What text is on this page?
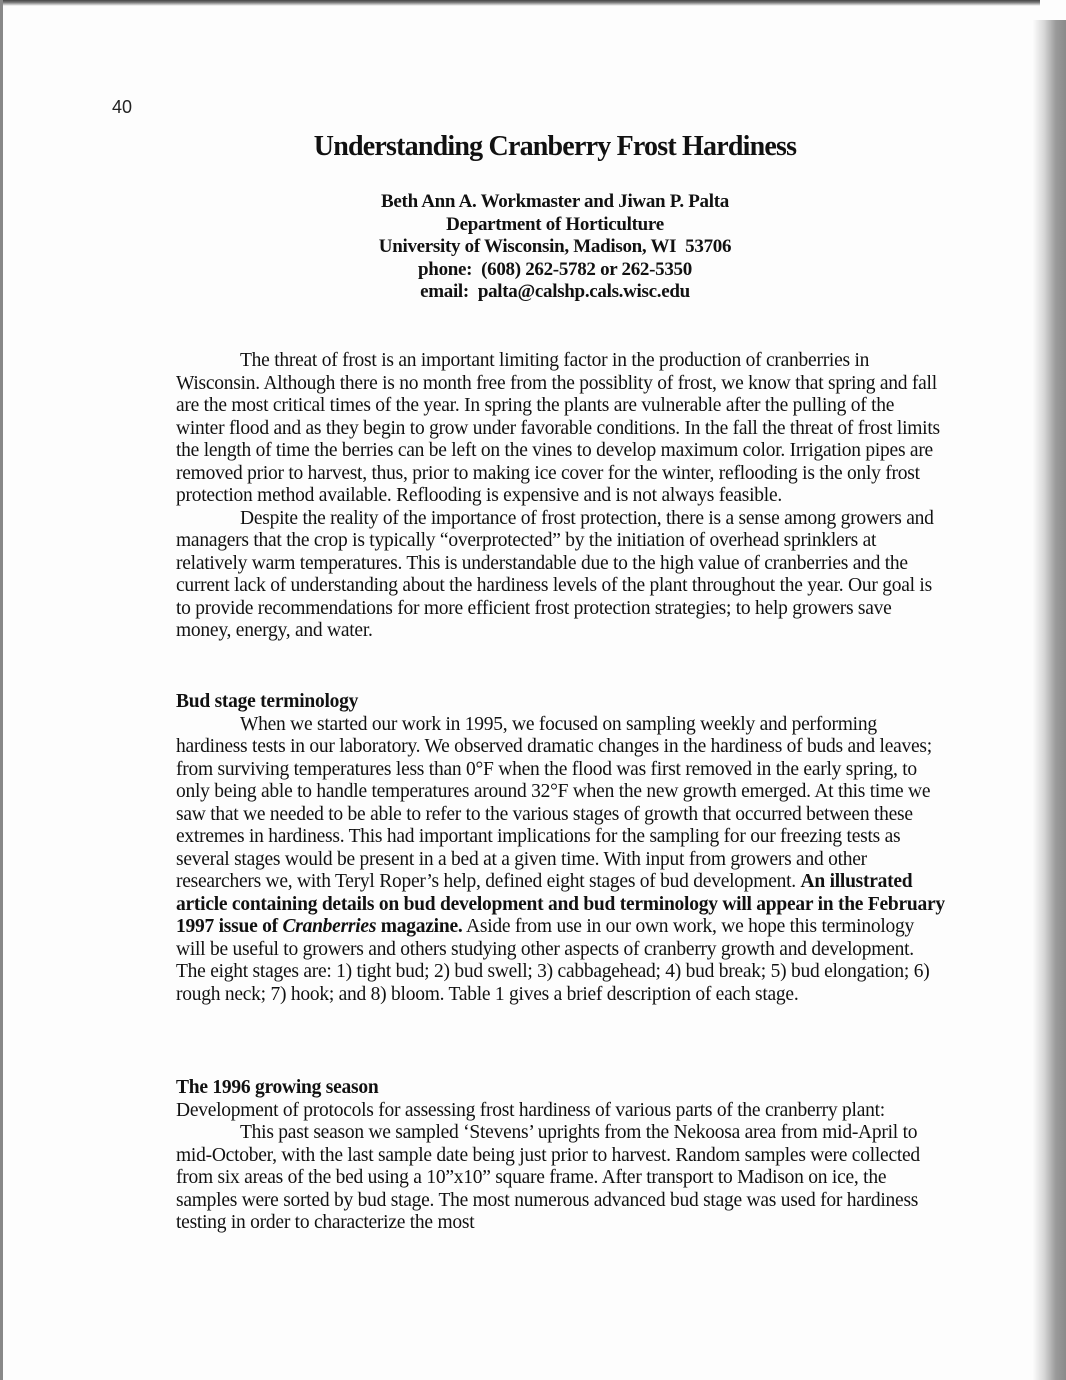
40
Understanding Cranberry Frost Hardiness
Beth Ann A. Workmaster and Jiwan P. Palta
Department of Horticulture
University of Wisconsin, Madison, WI  53706
phone:  (608) 262-5782 or 262-5350
email:  palta@calshp.cals.wisc.edu

The threat of frost is an important limiting factor in the production of cranberries in Wisconsin. Although there is no month free from the possiblity of frost, we know that spring and fall are the most critical times of the year. In spring the plants are vulnerable after the pulling of the winter flood and as they begin to grow under favorable conditions. In the fall the threat of frost limits the length of time the berries can be left on the vines to develop maximum color. Irrigation pipes are removed prior to harvest, thus, prior to making ice cover for the winter, reflooding is the only frost protection method available. Reflooding is expensive and is not always feasible.

Despite the reality of the importance of frost protection, there is a sense among growers and managers that the crop is typically “overprotected” by the initiation of overhead sprinklers at relatively warm temperatures. This is understandable due to the high value of cranberries and the current lack of understanding about the hardiness levels of the plant throughout the year. Our goal is to provide recommendations for more efficient frost protection strategies; to help growers save money, energy, and water.

Bud stage terminology

When we started our work in 1995, we focused on sampling weekly and performing hardiness tests in our laboratory. We observed dramatic changes in the hardiness of buds and leaves; from surviving temperatures less than 0°F when the flood was first removed in the early spring, to only being able to handle temperatures around 32°F when the new growth emerged. At this time we saw that we needed to be able to refer to the various stages of growth that occurred between these extremes in hardiness. This had important implications for the sampling for our freezing tests as several stages would be present in a bed at a given time. With input from growers and other researchers we, with Teryl Roper’s help, defined eight stages of bud development. An illustrated article containing details on bud development and bud terminology will appear in the February 1997 issue of Cranberries magazine. Aside from use in our own work, we hope this terminology will be useful to growers and others studying other aspects of cranberry growth and development. The eight stages are: 1) tight bud; 2) bud swell; 3) cabbagehead; 4) bud break; 5) bud elongation; 6) rough neck; 7) hook; and 8) bloom. Table 1 gives a brief description of each stage.

The 1996 growing season

Development of protocols for assessing frost hardiness of various parts of the cranberry plant:

This past season we sampled ‘Stevens’ uprights from the Nekoosa area from mid-April to mid-October, with the last sample date being just prior to harvest. Random samples were collected from six areas of the bed using a 10”x10” square frame. After transport to Madison on ice, the samples were sorted by bud stage. The most numerous advanced bud stage was used for hardiness testing in order to characterize the most
